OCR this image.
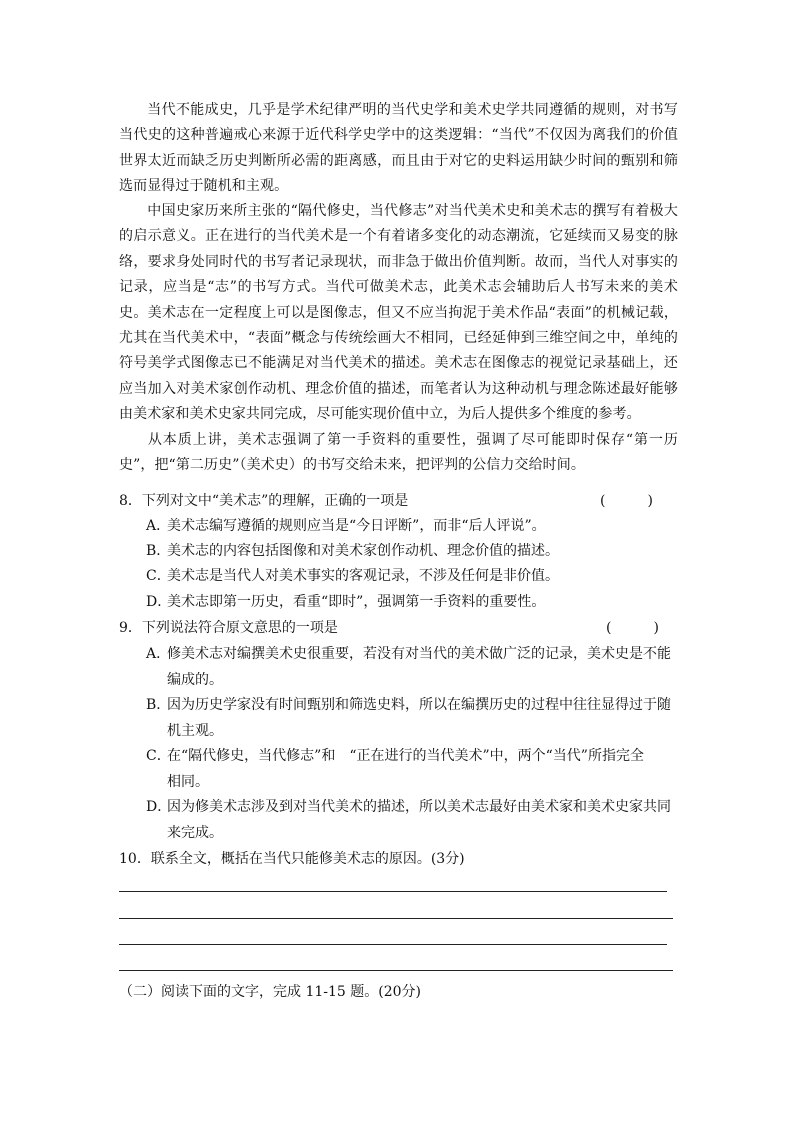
当代不能成史，几乎是学术纪律严明的当代史学和美术史学共同遵循的规则，对书写当代史的这种普遍戒心来源于近代科学史学中的这类逻辑：“当代”不仅因为离我们的价值世界太近而缺乏历史判断所必需的距离感，而且由于对它的史料运用缺少时间的甄别和筛选而显得过于随机和主观。

中国史家历来所主张的“隔代修史，当代修志”对当代美术史和美术志的撰写有着极大的启示意义。正在进行的当代美术是一个有着诸多变化的动态潮流，它延续而又易变的脉络，要求身处同时代的书写者记录现状，而非急于做出价值判断。故而，当代人对事实的记录，应当是“志”的书写方式。当代可做美术志，此美术志会辅助后人书写未来的美术史。美术志在一定程度上可以是图像志，但又不应当拘泥于美术作品“表面”的机械记载，尤其在当代美术中，“表面”概念与传统绘画大不相同，已经延伸到三维空间之中，单纯的符号美学式图像志已不能满足对当代美术的描述。美术志在图像志的视觉记录基础上，还应当加入对美术家创作动机、理念价值的描述，而笔者认为这种动机与理念陈述最好能够由美术家和美术史家共同完成，尽可能实现价值中立，为后人提供多个维度的参考。

从本质上讲，美术志强调了第一手资料的重要性，强调了尽可能即时保存“第一历史”，把“第二历史”（美术史）的书写交给未来，把评判的公信力交给时间。

8．下列对文中“美术志”的理解，正确的一项是	(　　　)

A．美术志编写遵循的规则应当是“今日评断”，而非“后人评说”。

B．美术志的内容包括图像和对美术家创作动机、理念价值的描述。

C．美术志是当代人对美术事实的客观记录，不涉及任何是非价值。

D．美术志即第一历史，看重“即时”，强调第一手资料的重要性。

9．下列说法符合原文意思的一项是	(　　　)

A．修美术志对编撰美术史很重要，若没有对当代的美术做广泛的记录，美术史是不能
编成的。

B．因为历史学家没有时间甄别和筛选史料，所以在编撰历史的过程中往往显得过于随
机主观。

C．在“隔代修史，当代修志”和　“正在进行的当代美术”中，两个“当代”所指完全
相同。

D．因为修美术志涉及到对当代美术的描述，所以美术志最好由美术家和美术史家共同
来完成。

10．联系全文，概括在当代只能修美术志的原因。(3分)

（二）阅读下面的文字，完成 11-15 题。(20分)
